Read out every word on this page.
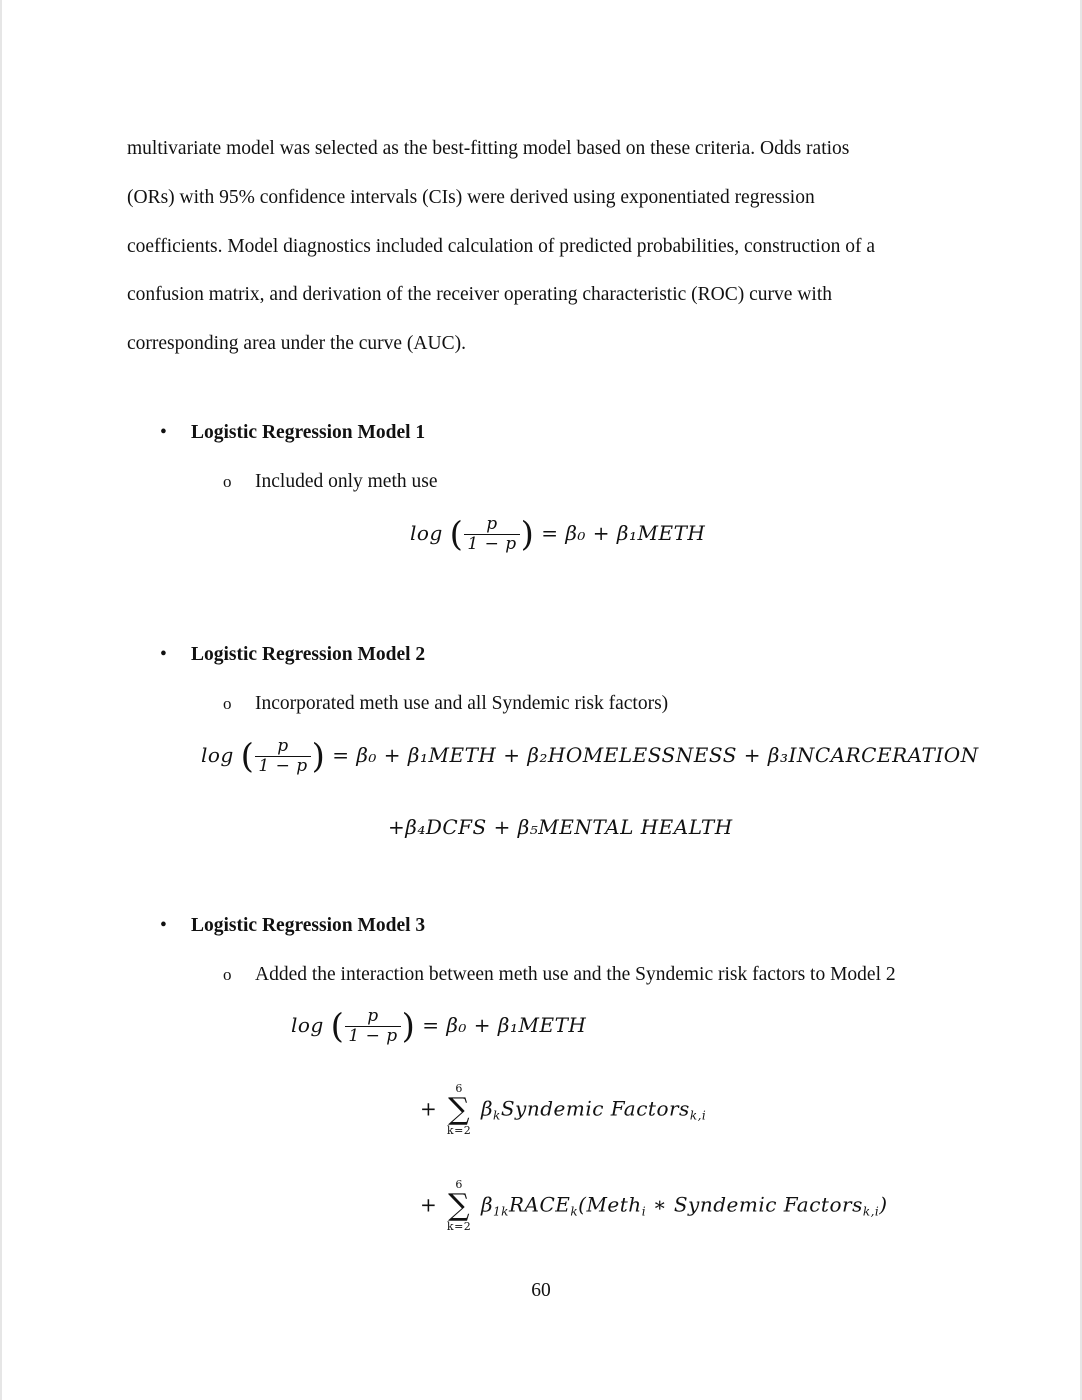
multivariate model was selected as the best-fitting model based on these criteria. Odds ratios
(ORs) with 95% confidence intervals (CIs) were derived using exponentiated regression
coefficients. Model diagnostics included calculation of predicted probabilities, construction of a
confusion matrix, and derivation of the receiver operating characteristic (ROC) curve with
corresponding area under the curve (AUC).
• Logistic Regression Model 1
o Included only meth use
log ( $\frac{p}{1 - p}$ ) = β₀ + β₁METH
• Logistic Regression Model 2
o Incorporated meth use and all Syndemic risk factors)
log ( $\frac{p}{1 - p}$ ) = β₀ + β₁METH + β₂HOMELESSNESS + β₃INCARCERATION
+β₄DCFS + β₅MENTAL HEALTH
• Logistic Regression Model 3
o Added the interaction between meth use and the Syndemic risk factors to Model 2
log ( $\frac{p}{1 - p}$ ) = β₀ + β₁METH
+
6
∑
k=2
$\beta_kSyndemic$ Factors$_{k,i}$
+
6
∑
k=2
$\beta_{1k}RACE_k(Meth_i$ ∗ Syndemic Factors$_{k,i}$)
60
